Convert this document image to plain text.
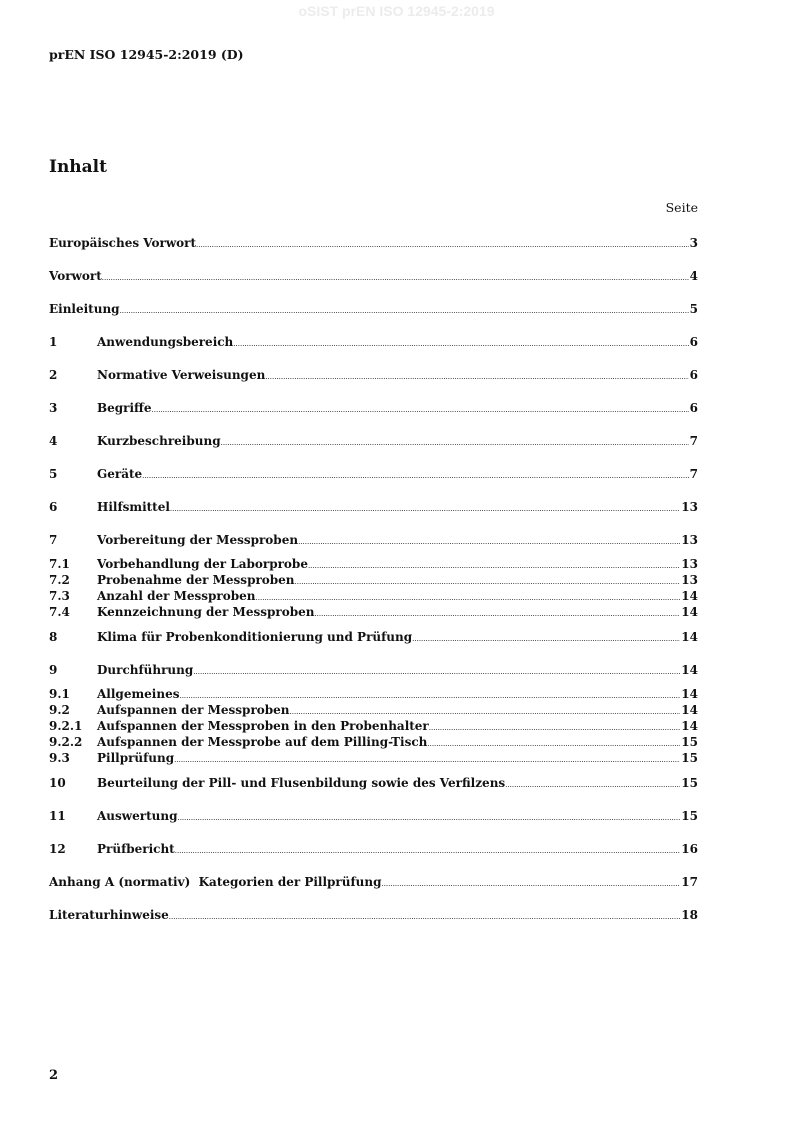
oSIST prEN ISO 12945-2:2019
prEN ISO 12945-2:2019 (D)
Inhalt
Seite
Europäisches Vorwort .....	3
Vorwort .....	4
Einleitung .....	5
1	Anwendungsbereich .....	6
2	Normative Verweisungen .....	6
3	Begriffe .....	6
4	Kurzbeschreibung .....	7
5	Geräte .....	7
6	Hilfsmittel .....	13
7	Vorbereitung der Messproben .....	13
7.1	Vorbehandlung der Laborprobe .....	13
7.2	Probenahme der Messproben .....	13
7.3	Anzahl der Messproben .....	14
7.4	Kennzeichnung der Messproben .....	14
8	Klima für Probenkonditionierung und Prüfung .....	14
9	Durchführung .....	14
9.1	Allgemeines .....	14
9.2	Aufspannen der Messproben .....	14
9.2.1	Aufspannen der Messproben in den Probenhalter .....	14
9.2.2	Aufspannen der Messprobe auf dem Pilling-Tisch .....	15
9.3	Pillprüfung .....	15
10	Beurteilung der Pill- und Flusenbildung sowie des Verfilzens .....	15
11	Auswertung .....	15
12	Prüfbericht .....	16
Anhang A (normativ)  Kategorien der Pillprüfung .....	17
Literaturhinweise .....	18
2
